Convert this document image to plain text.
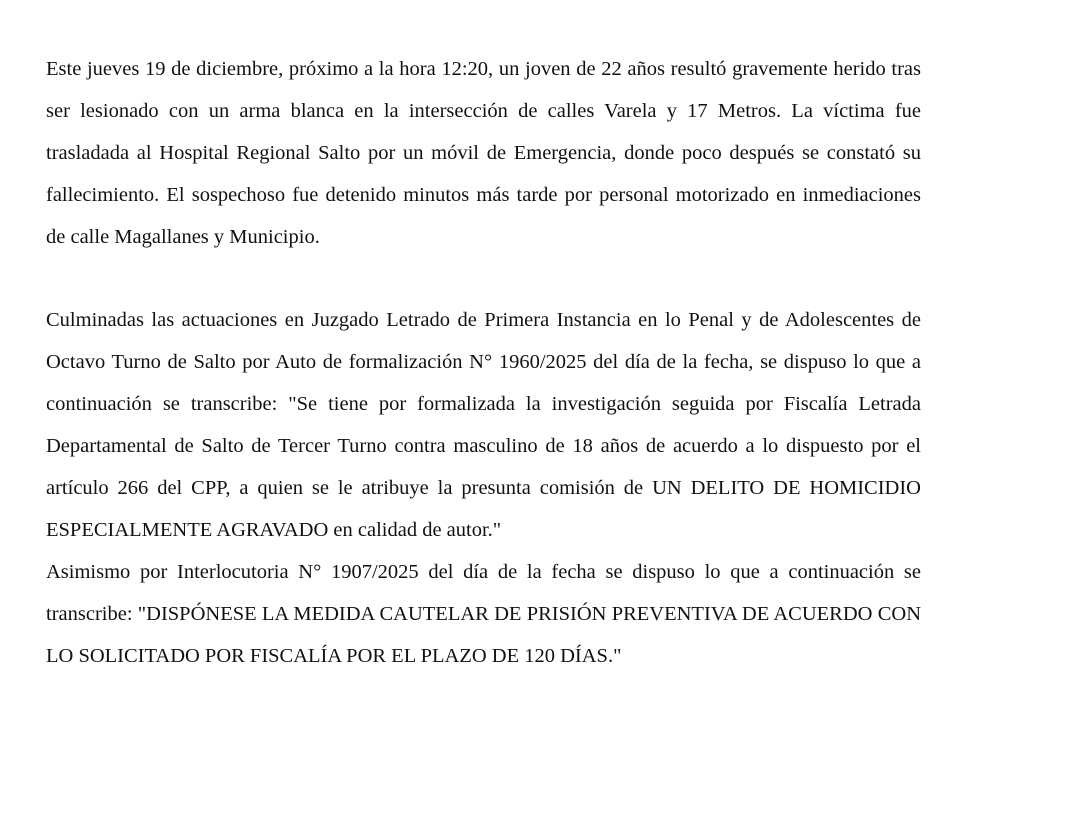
Este jueves 19 de diciembre, próximo a la hora 12:20, un joven de 22 años resultó gravemente herido tras ser lesionado con un arma blanca en la intersección de calles Varela y 17 Metros. La víctima fue trasladada al Hospital Regional Salto por un móvil de Emergencia, donde poco después se constató su fallecimiento. El sospechoso fue detenido minutos más tarde por personal motorizado en inmediaciones de calle Magallanes y Municipio.

Culminadas las actuaciones en Juzgado Letrado de Primera Instancia en lo Penal y de Adolescentes de Octavo Turno de Salto por Auto de formalización N° 1960/2025 del día de la fecha, se dispuso lo que a continuación se transcribe: "Se tiene por formalizada la investigación seguida por Fiscalía Letrada Departamental de Salto de Tercer Turno contra masculino de 18 años de acuerdo a lo dispuesto por el artículo 266 del CPP, a quien se le atribuye la presunta comisión de UN DELITO DE HOMICIDIO ESPECIALMENTE AGRAVADO en calidad de autor."

Asimismo por Interlocutoria N° 1907/2025 del día de la fecha se dispuso lo que a continuación se transcribe: "DISPÓNESE LA MEDIDA CAUTELAR DE PRISIÓN PREVENTIVA DE ACUERDO CON LO SOLICITADO POR FISCALÍA POR EL PLAZO DE 120 DÍAS."
